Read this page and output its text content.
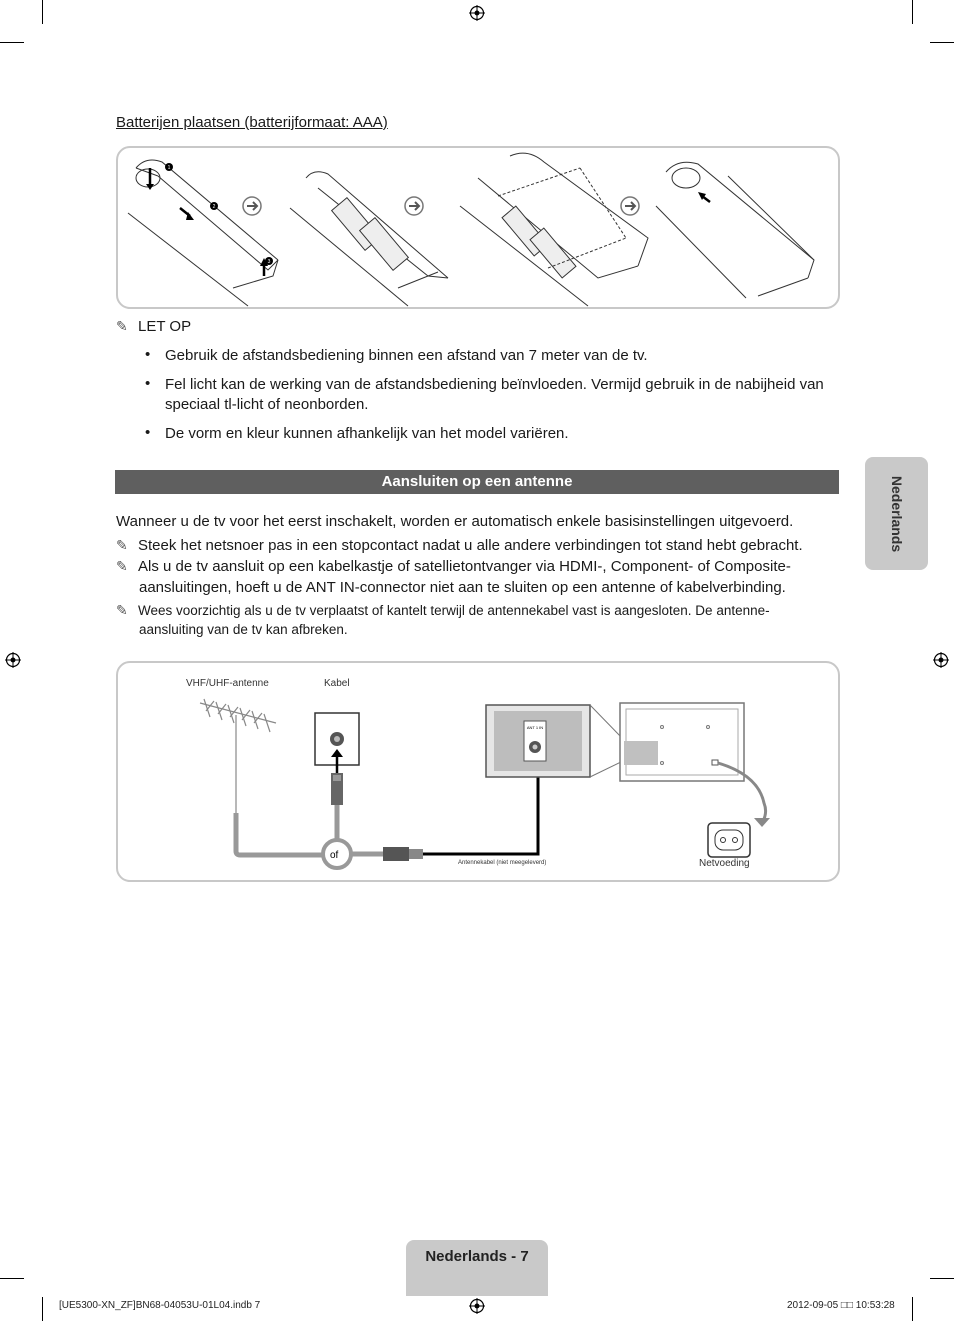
Batterijen plaatsen (batterijformaat: AAA)
1
2
3
✎ LET OP
• Gebruik de afstandsbediening binnen een afstand van 7 meter van de tv.
• Fel licht kan de werking van de afstandsbediening beïnvloeden. Vermijd gebruik in de nabijheid van
speciaal tl-licht of neonborden.
• De vorm en kleur kunnen afhankelijk van het model variëren.
Aansluiten op een antenne
Wanneer u de tv voor het eerst inschakelt, worden er automatisch enkele basisinstellingen uitgevoerd.
✎ Steek het netsnoer pas in een stopcontact nadat u alle andere verbindingen tot stand hebt gebracht.
✎ Als u de tv aansluit op een kabelkastje of satellietontvanger via HDMI-, Component- of Composite-
aansluitingen, hoeft u de ANT IN-connector niet aan te sluiten op een antenne of kabelverbinding.
✎ Wees voorzichtig als u de tv verplaatst of kantelt terwijl de antennekabel vast is aangesloten. De antenne-
aansluiting van de tv kan afbreken.
Nederlands
of
Antennekabel (niet meegeleverd)
ANT 1 IN
VHF/UHF-antenne	Kabel
Netvoeding
Nederlands - 7
[UE5300-XN_ZF]BN68-04053U-01L04.indb 7	2012-09-05 □□ 10:53:28
